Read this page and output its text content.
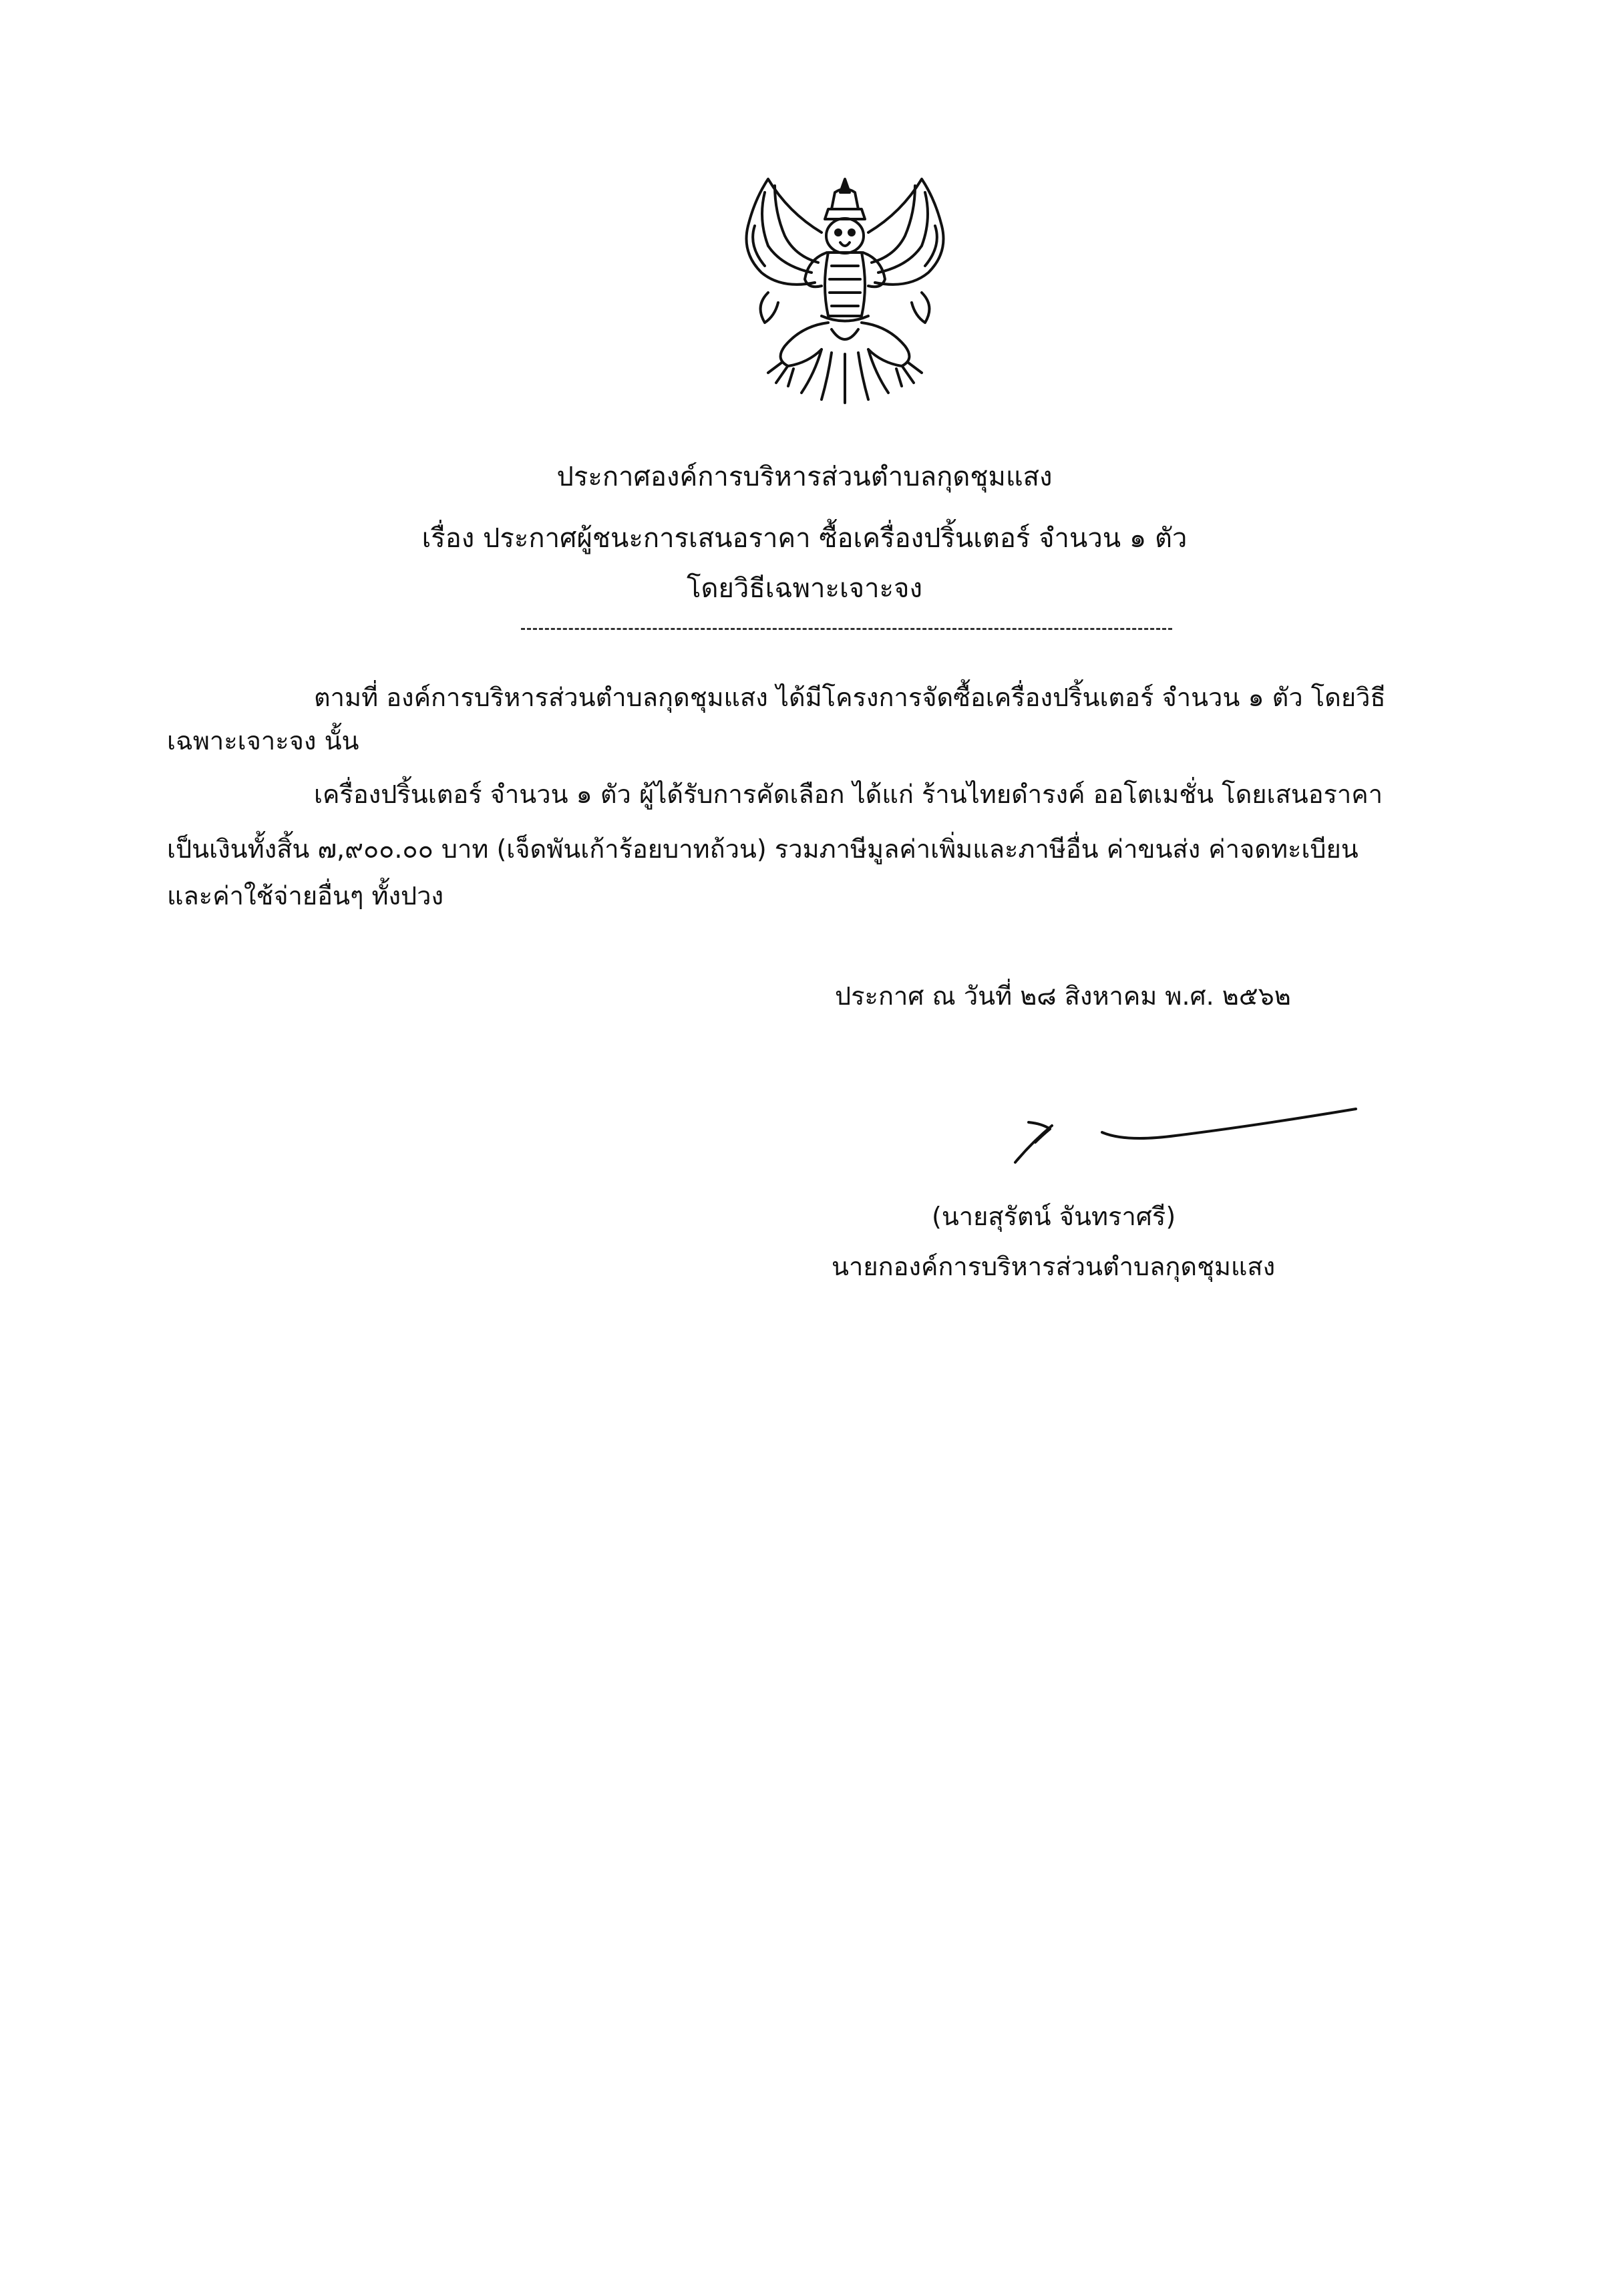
ประกาศองค์การบริหารส่วนตำบลกุดชุมแสง
เรื่อง ประกาศผู้ชนะการเสนอราคา ซื้อเครื่องปริ้นเตอร์ จำนวน ๑ ตัว
โดยวิธีเฉพาะเจาะจง
ตามที่ องค์การบริหารส่วนตำบลกุดชุมแสง ได้มีโครงการจัดซื้อเครื่องปริ้นเตอร์ จำนวน ๑ ตัว โดยวิธี
เฉพาะเจาะจง นั้น
เครื่องปริ้นเตอร์ จำนวน ๑ ตัว ผู้ได้รับการคัดเลือก ได้แก่ ร้านไทยดำรงค์ ออโตเมชั่น โดยเสนอราคา
เป็นเงินทั้งสิ้น ๗,๙๐๐.๐๐ บาท (เจ็ดพันเก้าร้อยบาทถ้วน) รวมภาษีมูลค่าเพิ่มและภาษีอื่น ค่าขนส่ง ค่าจดทะเบียน
และค่าใช้จ่ายอื่นๆ ทั้งปวง
ประกาศ ณ วันที่ ๒๘ สิงหาคม พ.ศ. ๒๕๖๒
(นายสุรัตน์ จันทราศรี)
นายกองค์การบริหารส่วนตำบลกุดชุมแสง
